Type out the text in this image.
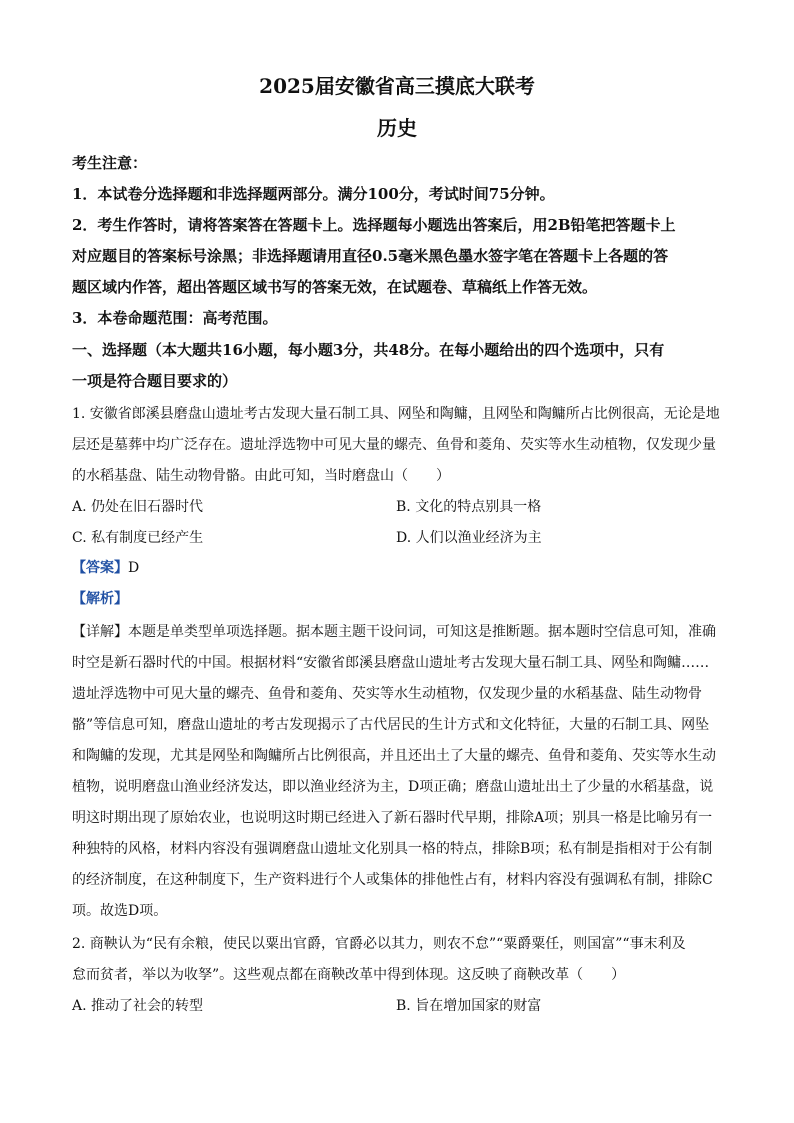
2025届安徽省高三摸底大联考
历史
考生注意：
1．本试卷分选择题和非选择题两部分。满分100分，考试时间75分钟。
2．考生作答时，请将答案答在答题卡上。选择题每小题选出答案后，用2B铅笔把答题卡上
对应题目的答案标号涂黑；非选择题请用直径0.5毫米黑色墨水签字笔在答题卡上各题的答
题区域内作答，超出答题区域书写的答案无效，在试题卷、草稿纸上作答无效。
3．本卷命题范围：高考范围。
一、选择题（本大题共16小题，每小题3分，共48分。在每小题给出的四个选项中，只有
一项是符合题目要求的）
1. 安徽省郎溪县磨盘山遗址考古发现大量石制工具、网坠和陶鳙，且网坠和陶鳙所占比例很高，无论是地
层还是墓葬中均广泛存在。遗址浮选物中可见大量的螺壳、鱼骨和菱角、芡实等水生动植物，仅发现少量
的水稻基盘、陆生动物骨骼。由此可知，当时磨盘山（　　）
A. 仍处在旧石器时代	B. 文化的特点别具一格
C. 私有制度已经产生	D. 人们以渔业经济为主
【答案】D
【解析】
【详解】本题是单类型单项选择题。据本题主题干设问词，可知这是推断题。据本题时空信息可知，准确
时空是新石器时代的中国。根据材料“安徽省郎溪县磨盘山遗址考古发现大量石制工具、网坠和陶鳙……
遗址浮选物中可见大量的螺壳、鱼骨和菱角、芡实等水生动植物，仅发现少量的水稻基盘、陆生动物骨
骼”等信息可知，磨盘山遗址的考古发现揭示了古代居民的生计方式和文化特征，大量的石制工具、网坠
和陶鳙的发现，尤其是网坠和陶鳙所占比例很高，并且还出土了大量的螺壳、鱼骨和菱角、芡实等水生动
植物，说明磨盘山渔业经济发达，即以渔业经济为主，D项正确；磨盘山遗址出土了少量的水稻基盘，说
明这时期出现了原始农业，也说明这时期已经进入了新石器时代早期，排除A项；别具一格是比喻另有一
种独特的风格，材料内容没有强调磨盘山遗址文化别具一格的特点，排除B项；私有制是指相对于公有制
的经济制度，在这种制度下，生产资料进行个人或集体的排他性占有，材料内容没有强调私有制，排除C
项。故选D项。
2. 商鞅认为“民有余粮，使民以粟出官爵，官爵必以其力，则农不怠”“粟爵粟任，则国富”“事末利及
怠而贫者，举以为收孥”。这些观点都在商鞅改革中得到体现。这反映了商鞅改革（　　）
A. 推动了社会的转型	B. 旨在增加国家的财富
